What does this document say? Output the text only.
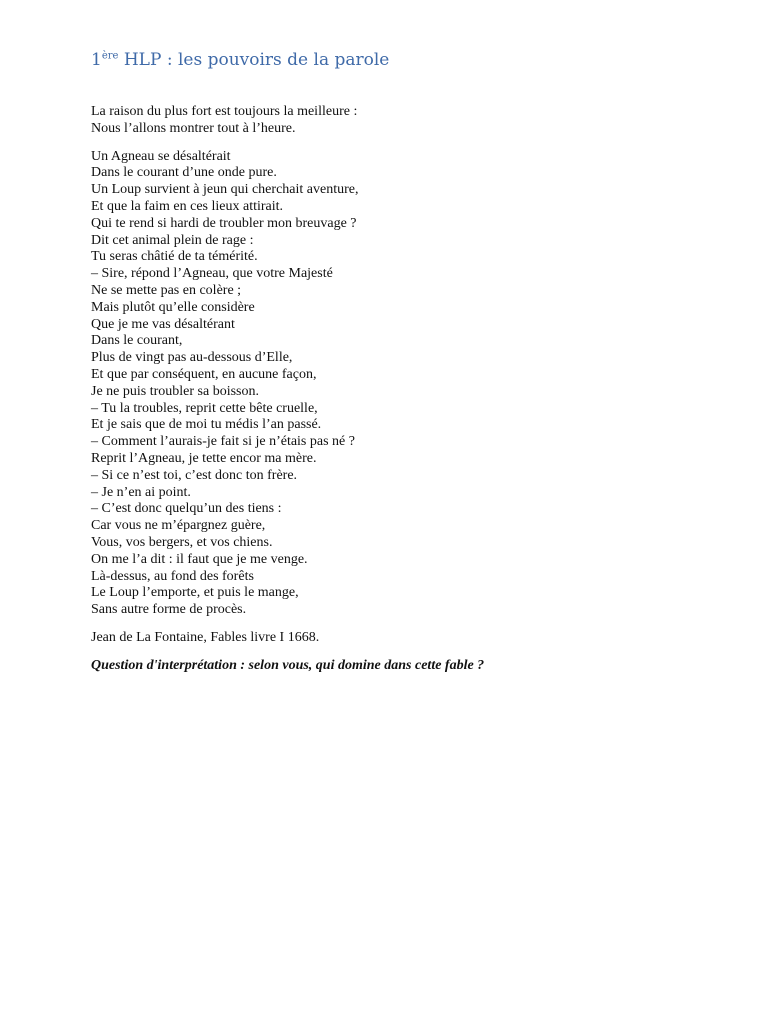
1ère HLP : les pouvoirs de la parole
La raison du plus fort est toujours la meilleure :
Nous l’allons montrer tout à l’heure.
Un Agneau se désaltérait
Dans le courant d’une onde pure.
Un Loup survient à jeun qui cherchait aventure,
Et que la faim en ces lieux attirait.
Qui te rend si hardi de troubler mon breuvage ?
Dit cet animal plein de rage :
Tu seras châtié de ta témérité.
– Sire, répond l’Agneau, que votre Majesté
Ne se mette pas en colère ;
Mais plutôt qu’elle considère
Que je me vas désaltérant
Dans le courant,
Plus de vingt pas au-dessous d’Elle,
Et que par conséquent, en aucune façon,
Je ne puis troubler sa boisson.
– Tu la troubles, reprit cette bête cruelle,
Et je sais que de moi tu médis l’an passé.
– Comment l’aurais-je fait si je n’étais pas né ?
Reprit l’Agneau, je tette encor ma mère.
– Si ce n’est toi, c’est donc ton frère.
– Je n’en ai point.
– C’est donc quelqu’un des tiens :
Car vous ne m’épargnez guère,
Vous, vos bergers, et vos chiens.
On me l’a dit : il faut que je me venge.
Là-dessus, au fond des forêts
Le Loup l’emporte, et puis le mange,
Sans autre forme de procès.
Jean de La Fontaine, Fables livre I 1668.
Question d'interprétation : selon vous, qui domine dans cette fable ?
